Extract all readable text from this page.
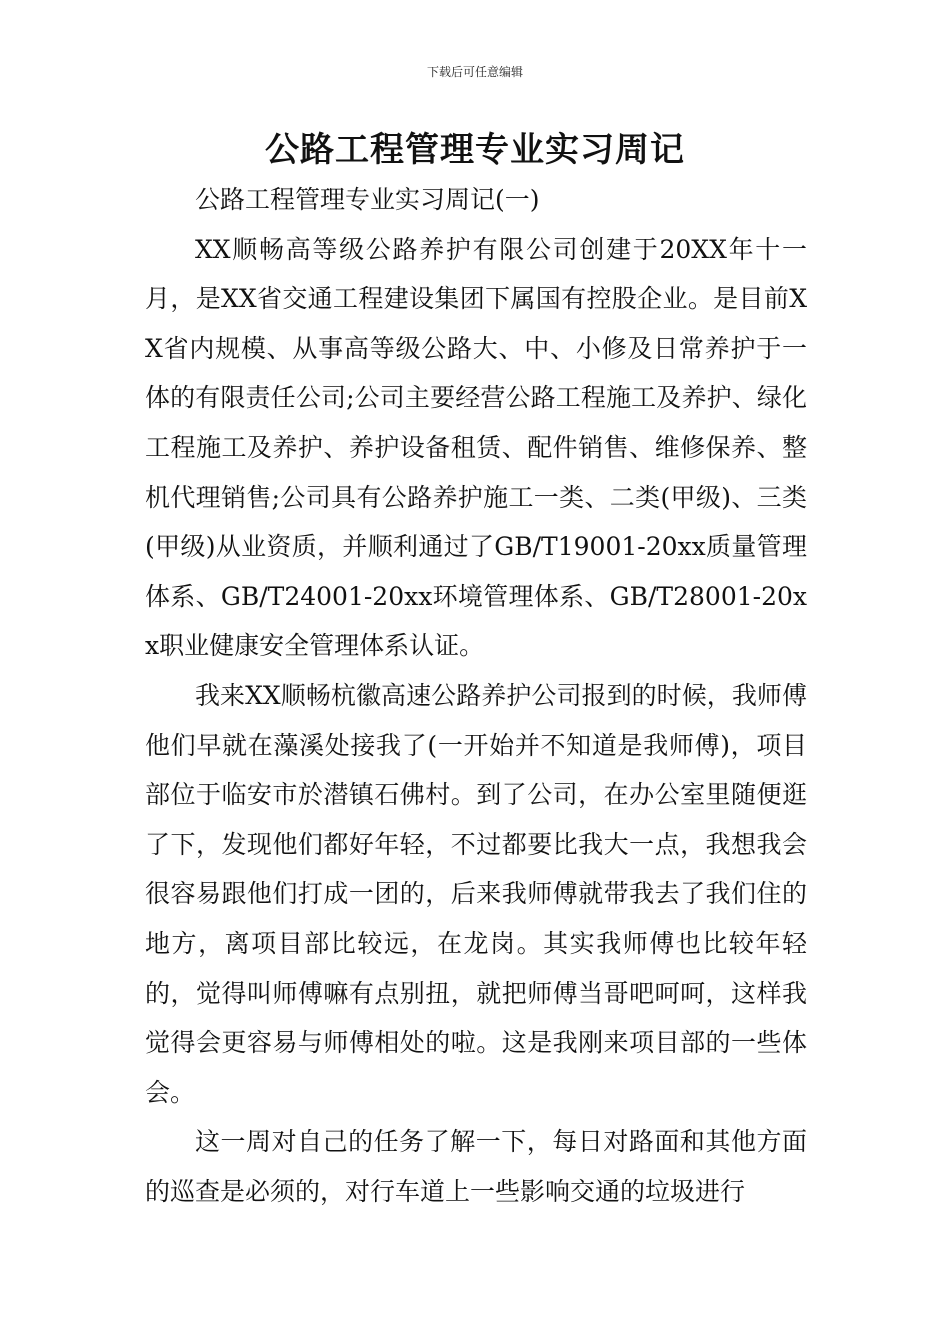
下载后可任意编辑
公路工程管理专业实习周记

公路工程管理专业实习周记(一)

XX顺畅高等级公路养护有限公司创建于20XX年十一月，是XX省交通工程建设集团下属国有控股企业。是目前XX省内规模、从事高等级公路大、中、小修及日常养护于一体的有限责任公司;公司主要经营公路工程施工及养护、绿化工程施工及养护、养护设备租赁、配件销售、维修保养、整机代理销售;公司具有公路养护施工一类、二类(甲级)、三类(甲级)从业资质，并顺利通过了GB/T19001-20xx质量管理体系、GB/T24001-20xx环境管理体系、GB/T28001-20xx职业健康安全管理体系认证。

我来XX顺畅杭徽高速公路养护公司报到的时候，我师傅他们早就在藻溪处接我了(一开始并不知道是我师傅)，项目部位于临安市於潜镇石佛村。到了公司，在办公室里随便逛了下，发现他们都好年轻，不过都要比我大一点，我想我会很容易跟他们打成一团的，后来我师傅就带我去了我们住的地方，离项目部比较远，在龙岗。其实我师傅也比较年轻的，觉得叫师傅嘛有点别扭，就把师傅当哥吧呵呵，这样我觉得会更容易与师傅相处的啦。这是我刚来项目部的一些体会。

这一周对自己的任务了解一下，每日对路面和其他方面的巡查是必须的，对行车道上一些影响交通的垃圾进行
